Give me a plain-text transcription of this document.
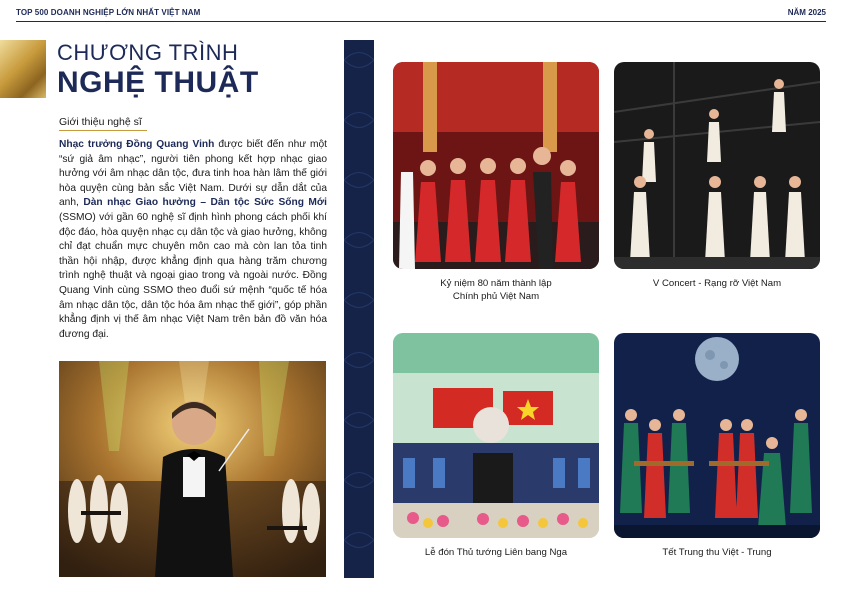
TOP 500 DOANH NGHIỆP LỚN NHẤT VIỆT NAM	NĂM 2025
CHƯƠNG TRÌNH
NGHỆ THUẬT
Giới thiệu nghệ sĩ
Nhạc trưởng Đồng Quang Vinh được biết đến như một “sứ giả âm nhạc”, người tiên phong kết hợp nhạc giao hưởng với âm nhạc dân tộc, đưa tinh hoa hàn lâm thế giới hòa quyện cùng bản sắc Việt Nam. Dưới sự dẫn dắt của anh, Dàn nhạc Giao hưởng – Dân tộc Sức Sống Mới (SSMO) với gần 60 nghệ sĩ định hình phong cách phối khí độc đáo, hòa quyện nhạc cụ dân tộc và giao hưởng, không chỉ đạt chuẩn mực chuyên môn cao mà còn lan tỏa tinh thần hội nhập, được khẳng định qua hàng trăm chương trình nghệ thuật và ngoại giao trong và ngoài nước. Đồng Quang Vinh cùng SSMO theo đuổi sứ mệnh “quốc tế hóa âm nhạc dân tộc, dân tộc hóa âm nhạc thế giới”, góp phần khẳng định vị thế âm nhạc Việt Nam trên bản đồ văn hóa đương đại.
Kỷ niệm 80 năm thành lập
Chính phủ Việt Nam
V Concert - Rạng rỡ Việt Nam
Lễ đón Thủ tướng Liên bang Nga	Tết Trung thu Việt - Trung
